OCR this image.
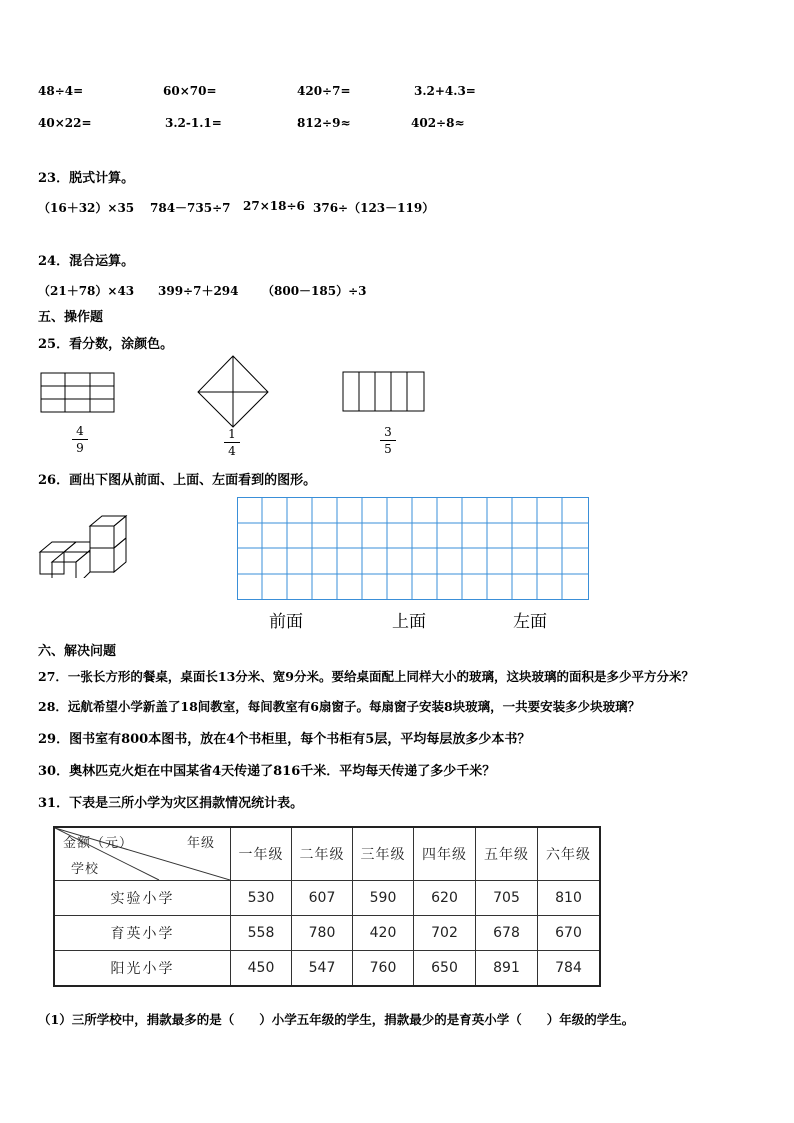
48÷4=	60×70=	420÷7=	3.2+4.3=
40×22=	3.2-1.1=	812÷9≈	402÷8≈
23．脱式计算。
（16＋32）×35 784－735÷7 27×18÷6 376÷（123－119）
24．混合运算。
（21＋78）×43 399÷7＋294 （800－185）÷3
五、操作题
25．看分数，涂颜色。
4
9
1
4
3
5
26．画出下图从前面、上面、左面看到的图形。
前面	上面	左面
六、解决问题
27．一张长方形的餐桌，桌面长13分米、宽9分米。要给桌面配上同样大小的玻璃，这块玻璃的面积是多少平方分米？
28．远航希望小学新盖了18间教室，每间教室有6扇窗子。每扇窗子安装8块玻璃，一共要安装多少块玻璃？
29．图书室有800本图书，放在4个书柜里，每个书柜有5层，平均每层放多少本书？
30．奥林匹克火炬在中国某省4天传递了816千米．平均每天传递了多少千米？
31．下表是三所小学为灾区捐款情况统计表。
金额（元） 年级
学校	一年级	二年级	三年级	四年级	五年级	六年级
实验小学	530	607	590	620	705	810
育英小学	558	780	420	702	678	670
阳光小学	450	547	760	650	891	784
（1）三所学校中，捐款最多的是（　　）小学五年级的学生，捐款最少的是育英小学（　　）年级的学生。
